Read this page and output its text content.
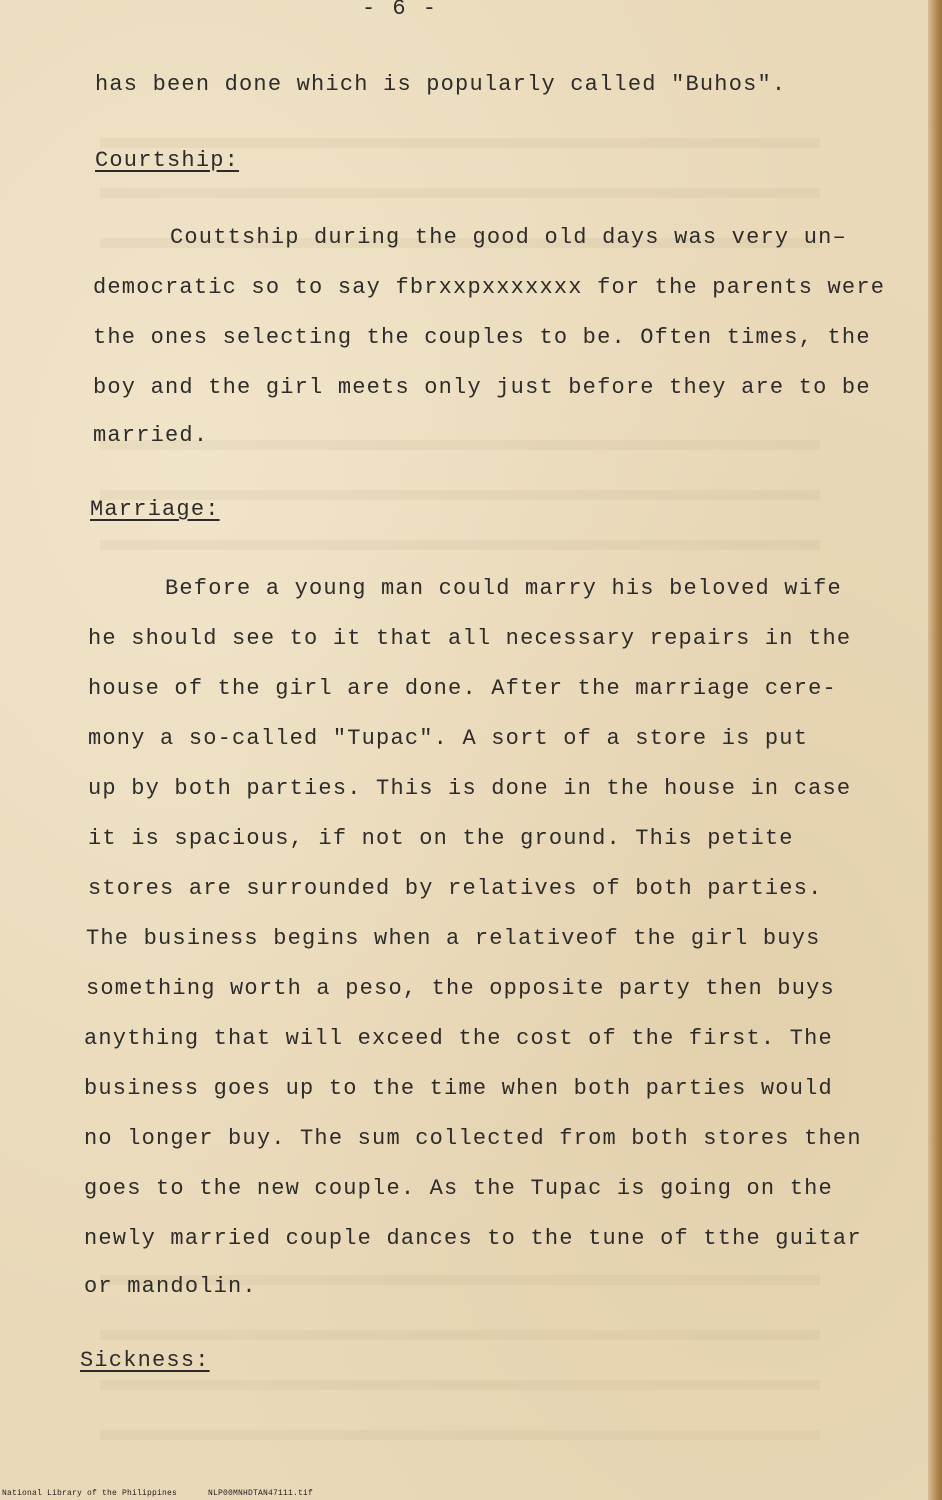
- 6 -
has been done which is popularly called "Buhos".
Courtship:
Couttship during the good old days was very un–
democratic so to say fbrxxpxxxxxxx for the parents were
the ones selecting the couples to be. Often times, the
boy and the girl meets only just before they are to be
married.
Marriage:
Before a young man could marry his beloved wife
he should see to it that all necessary repairs in the
house of the girl are done. After the marriage cere-
mony a so-called "Tupac". A sort of a store is put
up by both parties. This is done in the house in case
it is spacious, if not on the ground. This petite
stores are surrounded by relatives of both parties.
The business begins when a relativeof the girl buys
something worth a peso, the opposite party then buys
anything that will exceed the cost of the first. The
business goes up to the time when both parties would
no longer buy. The sum collected from both stores then
goes to the new couple. As the Tupac is going on the
newly married couple dances to the tune of tthe guitar
or mandolin.
Sickness:
National Library of the Philippines	NLP00MNHDTAN47111.tif
